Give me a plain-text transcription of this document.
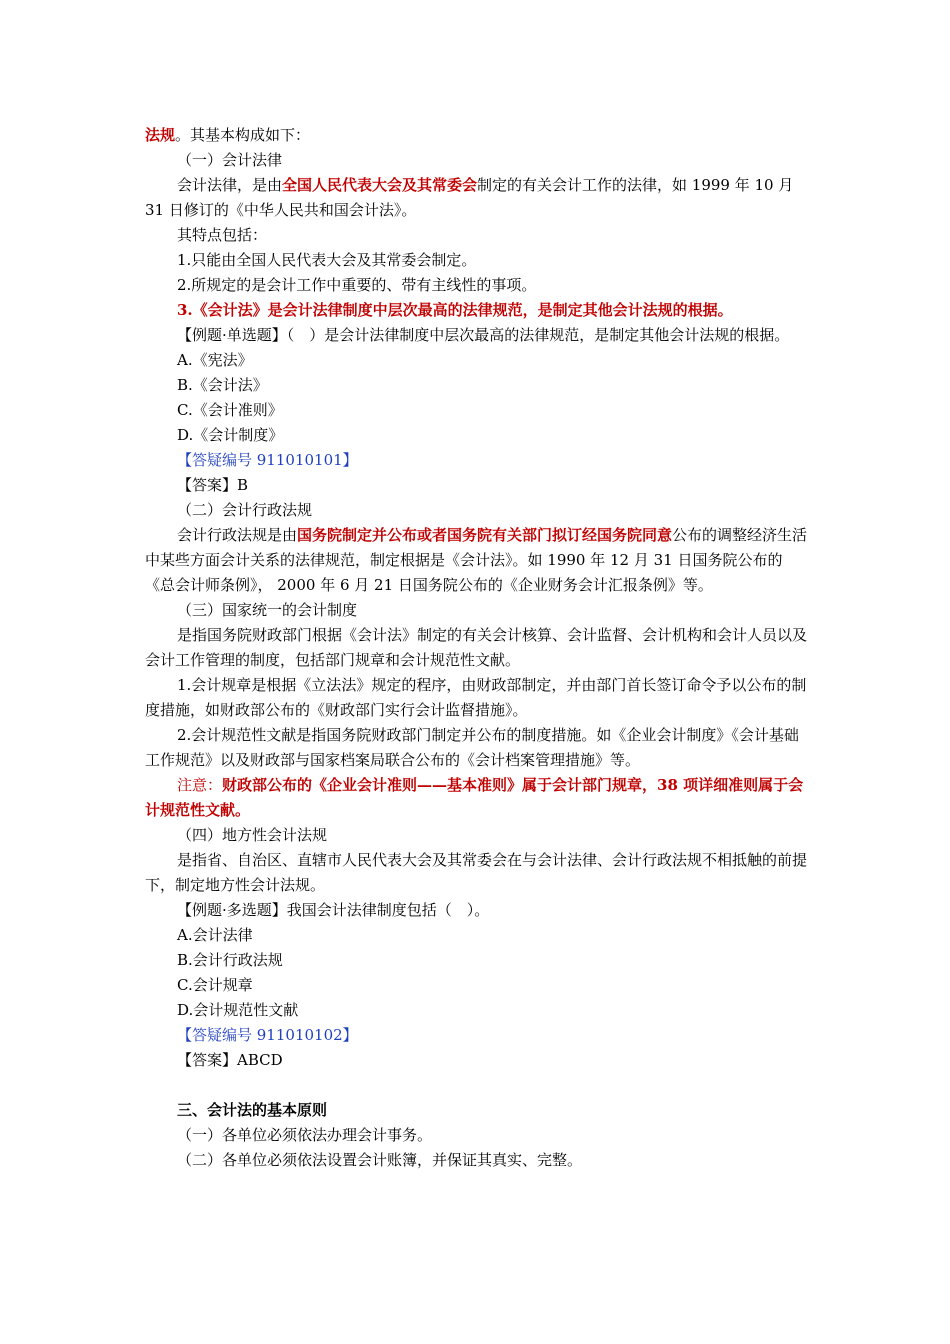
法规。其基本构成如下：

（一）会计法律

会计法律，是由全国人民代表大会及其常委会制定的有关会计工作的法律，如 1999 年 10 月 31 日修订的《中华人民共和国会计法》。

其特点包括：

1.只能由全国人民代表大会及其常委会制定。

2.所规定的是会计工作中重要的、带有主线性的事项。

3.《会计法》是会计法律制度中层次最高的法律规范，是制定其他会计法规的根据。

【例题·单选题】（　）是会计法律制度中层次最高的法律规范，是制定其他会计法规的根据。

A.《宪法》

B.《会计法》

C.《会计准则》

D.《会计制度》

【答疑编号 911010101】

【答案】B

（二）会计行政法规

会计行政法规是由国务院制定并公布或者国务院有关部门拟订经国务院同意公布的调整经济生活中某些方面会计关系的法律规范，制定根据是《会计法》。如 1990 年 12 月 31 日国务院公布的《总会计师条例》， 2000 年 6 月 21 日国务院公布的《企业财务会计汇报条例》等。

（三）国家统一的会计制度

是指国务院财政部门根据《会计法》制定的有关会计核算、会计监督、会计机构和会计人员以及会计工作管理的制度，包括部门规章和会计规范性文献。

1.会计规章是根据《立法法》规定的程序，由财政部制定，并由部门首长签订命令予以公布的制度措施，如财政部公布的《财政部门实行会计监督措施》。

2.会计规范性文献是指国务院财政部门制定并公布的制度措施。如《企业会计制度》《会计基础工作规范》以及财政部与国家档案局联合公布的《会计档案管理措施》等。

注意：财政部公布的《企业会计准则——基本准则》属于会计部门规章，38 项详细准则属于会计规范性文献。

（四）地方性会计法规

是指省、自治区、直辖市人民代表大会及其常委会在与会计法律、会计行政法规不相抵触的前提下，制定地方性会计法规。

【例题·多选题】我国会计法律制度包括（　）。

A.会计法律

B.会计行政法规

C.会计规章

D.会计规范性文献

【答疑编号 911010102】

【答案】ABCD

三、会计法的基本原则

（一）各单位必须依法办理会计事务。

（二）各单位必须依法设置会计账簿，并保证其真实、完整。
